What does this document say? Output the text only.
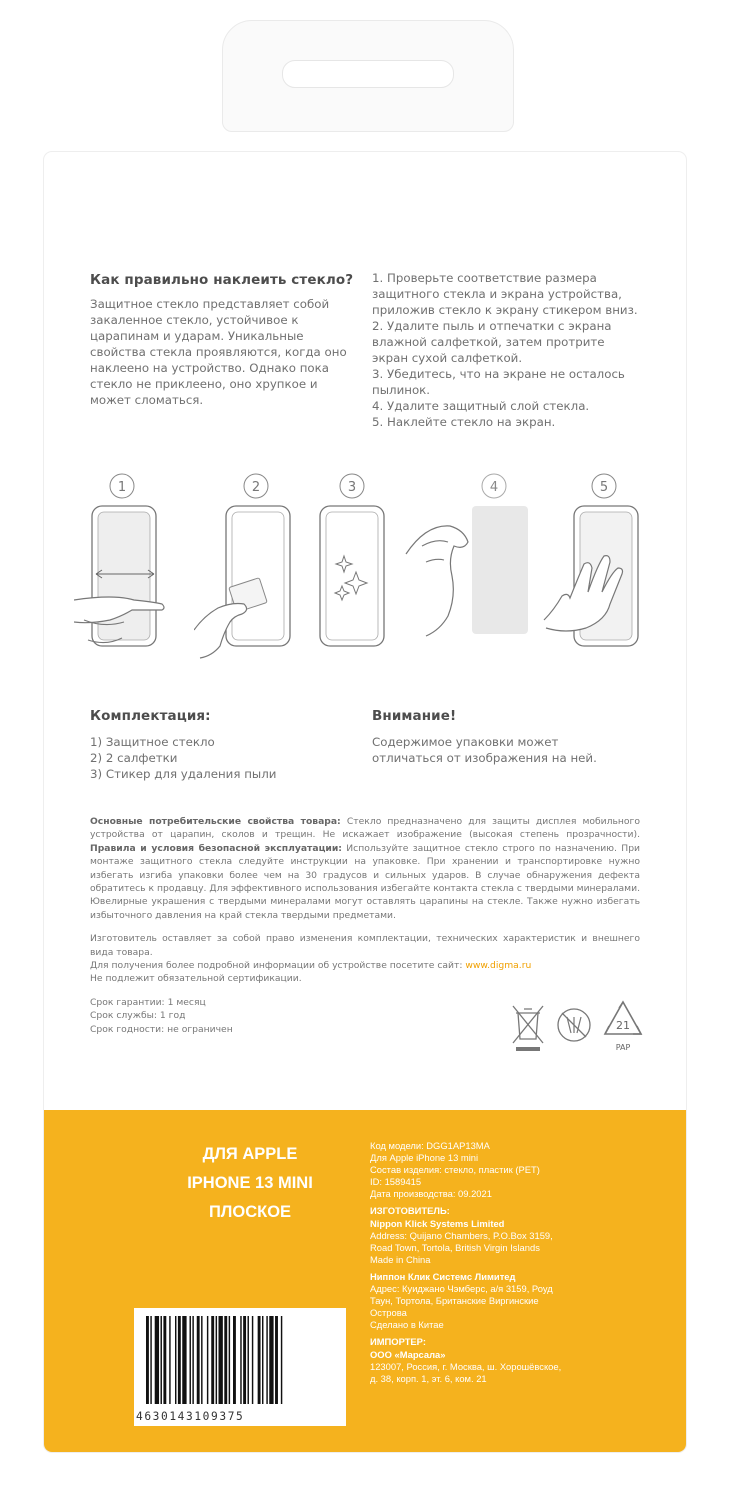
Как правильно наклеить стекло?
Защитное стекло представляет собой закаленное стекло, устойчивое к царапинам и ударам. Уникальные свойства стекла проявляются, когда оно наклеено на устройство. Однако пока стекло не приклеено, оно хрупкое и может сломаться.

1. Проверьте соответствие размера защитного стекла и экрана устройства, приложив стекло к экрану стикером вниз.

2. Удалите пыль и отпечатки с экрана влажной салфеткой, затем протрите экран сухой салфеткой.

3. Убедитесь, что на экране не осталось пылинок.

4. Удалите защитный слой стекла.

5. Наклейте стекло на экран.

1	2	3	4	5
Комплектация:
1) Защитное стекло
2) 2 салфетки
3) Стикер для удаления пыли
Внимание!
Содержимое упаковки может отличаться от изображения на ней.

Основные потребительские свойства товара: Стекло предназначено для защиты дисплея мобильного устройства от царапин, сколов и трещин. Не искажает изображение (высокая степень прозрачности). Правила и условия безопасной эксплуатации: Используйте защитное стекло строго по назначению. При монтаже защитного стекла следуйте инструкции на упаковке. При хранении и транспортировке нужно избегать изгиба упаковки более чем на 30 градусов и сильных ударов. В случае обнаружения дефекта обратитесь к продавцу. Для эффективного использования избегайте контакта стекла с твердыми минералами. Ювелирные украшения с твердыми минералами могут оставлять царапины на стекле. Также нужно избегать избыточного давления на край стекла твердыми предметами.

Изготовитель оставляет за собой право изменения комплектации, технических характеристик и внешнего вида товара.

Для получения более подробной информации об устройстве посетите сайт: www.digma.ru

Не подлежит обязательной сертификации.

Срок гарантии: 1 месяц

Срок службы: 1 год

Срок годности: не ограничен	21
PAP
ДЛЯ APPLE
IPHONE 13 MINI
ПЛОСКОЕ

Код модели: DGG1AP13MA

Для Apple iPhone 13 mini

Состав изделия: стекло, пластик (PET)

ID: 1589415

Дата производства: 09.2021

ИЗГОТОВИТЕЛЬ:

Nippon Klick Systems Limited

Address: Quijano Chambers, P.O.Box 3159,

Road Town, Tortola, British Virgin Islands

Made in China

Ниппон Клик Системс Лимитед

Адрес: Куиджано Чэмберс, а/я 3159, Роуд

Таун, Тортола, Британские Виргинские

Острова

Сделано в Китае

ИМПОРТЕР:

ООО «Марсала»

123007, Россия, г. Москва, ш. Хорошёвское,

д. 38, корп. 1, эт. 6, ком. 21

4630143109375
